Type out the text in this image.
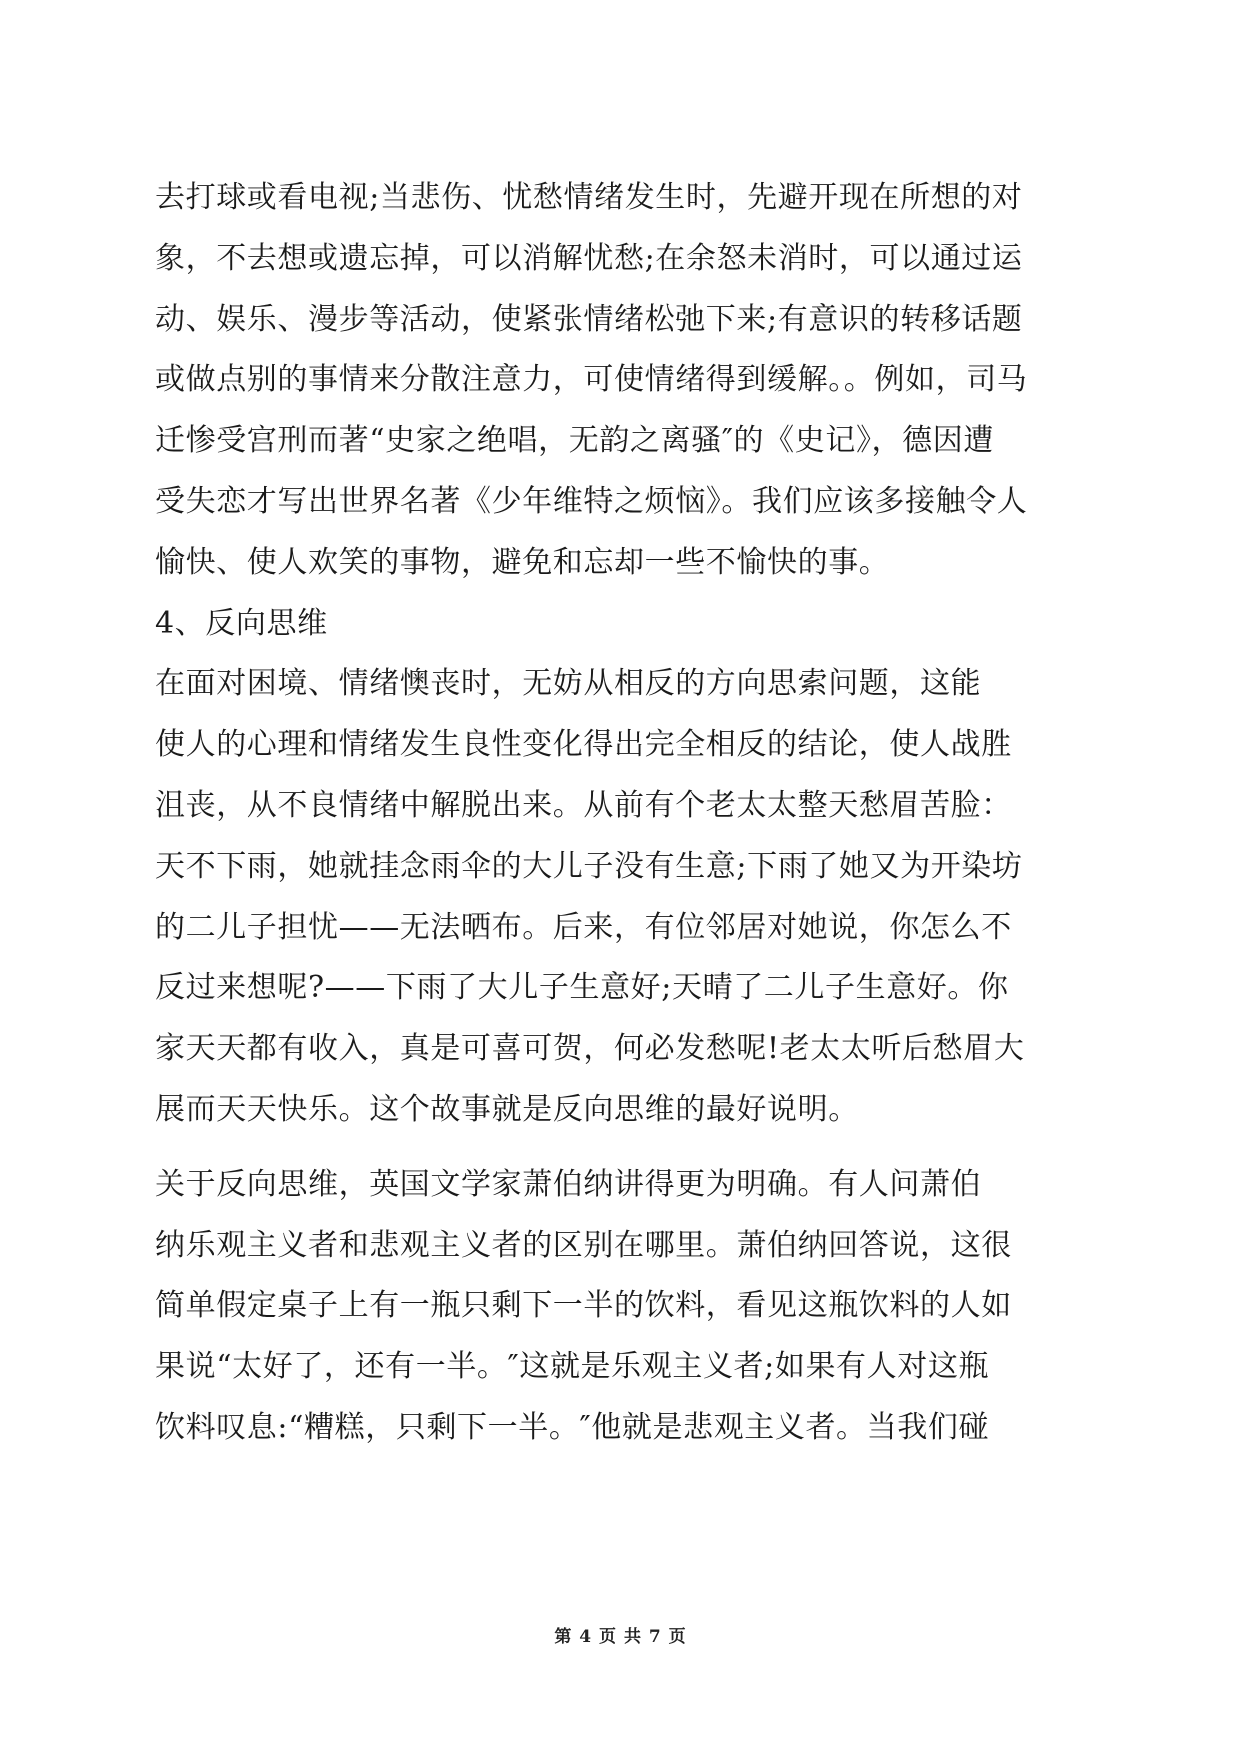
去打球或看电视;当悲伤、忧愁情绪发生时，先避开现在所想的对
象，不去想或遗忘掉，可以消解忧愁;在余怒未消时，可以通过运
动、娱乐、漫步等活动，使紧张情绪松弛下来;有意识的转移话题
或做点别的事情来分散注意力，可使情绪得到缓解。。例如，司马
迁惨受宫刑而著“史家之绝唱，无韵之离骚″的《史记》，德因遭
受失恋才写出世界名著《少年维特之烦恼》。我们应该多接触令人
愉快、使人欢笑的事物，避免和忘却一些不愉快的事。
4、反向思维
在面对困境、情绪懊丧时，无妨从相反的方向思索问题，这能
使人的心理和情绪发生良性变化得出完全相反的结论，使人战胜
沮丧，从不良情绪中解脱出来。从前有个老太太整天愁眉苦脸：
天不下雨，她就挂念雨伞的大儿子没有生意;下雨了她又为开染坊
的二儿子担忧——无法晒布。后来，有位邻居对她说，你怎么不
反过来想呢?——下雨了大儿子生意好;天晴了二儿子生意好。你
家天天都有收入，真是可喜可贺，何必发愁呢!老太太听后愁眉大
展而天天快乐。这个故事就是反向思维的最好说明。
关于反向思维，英国文学家萧伯纳讲得更为明确。有人问萧伯
纳乐观主义者和悲观主义者的区别在哪里。萧伯纳回答说，这很
简单假定桌子上有一瓶只剩下一半的饮料，看见这瓶饮料的人如
果说“太好了，还有一半。″这就是乐观主义者;如果有人对这瓶
饮料叹息:“糟糕，只剩下一半。″他就是悲观主义者。当我们碰
第 4 页 共 7 页
